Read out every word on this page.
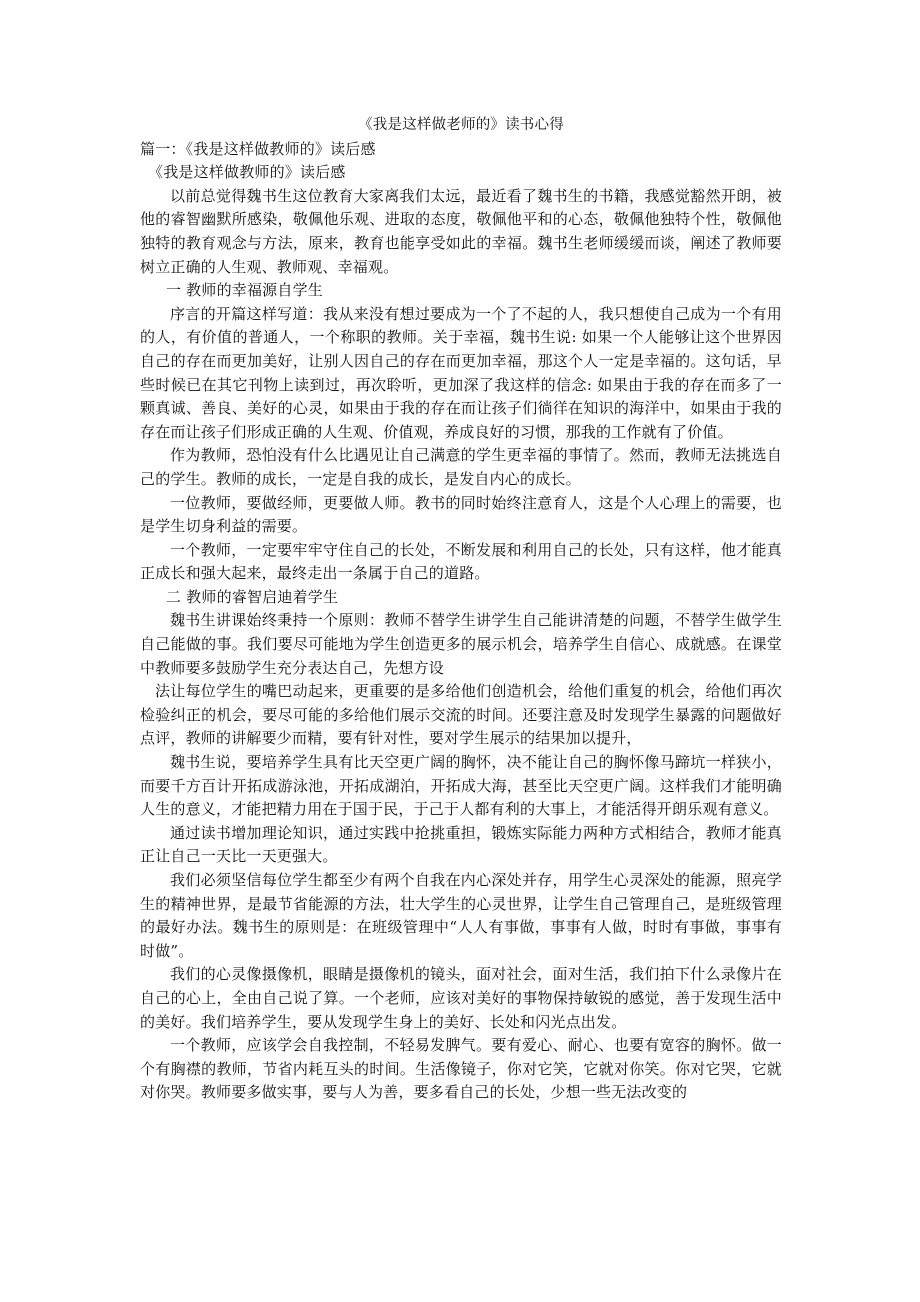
《我是这样做老师的》读书心得
篇一：《我是这样做教师的》读后感
《我是这样做教师的》读后感

以前总觉得魏书生这位教育大家离我们太远，最近看了魏书生的书籍，我感觉豁然开朗，被他的睿智幽默所感染，敬佩他乐观、进取的态度，敬佩他平和的心态，敬佩他独特个性，敬佩他独特的教育观念与方法，原来，教育也能享受如此的幸福。魏书生老师缓缓而谈，阐述了教师要树立正确的人生观、教师观、幸福观。

一 教师的幸福源自学生

序言的开篇这样写道：我从来没有想过要成为一个了不起的人，我只想使自己成为一个有用的人，有价值的普通人，一个称职的教师。关于幸福，魏书生说: 如果一个人能够让这个世界因自己的存在而更加美好，让别人因自己的存在而更加幸福，那这个人一定是幸福的。这句话，早些时候已在其它刊物上读到过，再次聆听，更加深了我这样的信念: 如果由于我的存在而多了一颗真诚、善良、美好的心灵，如果由于我的存在而让孩子们徜徉在知识的海洋中，如果由于我的存在而让孩子们形成正确的人生观、价值观，养成良好的习惯，那我的工作就有了价值。

作为教师，恐怕没有什么比遇见让自己满意的学生更幸福的事情了。然而，教师无法挑选自己的学生。教师的成长，一定是自我的成长，是发自内心的成长。

一位教师，要做经师，更要做人师。教书的同时始终注意育人，这是个人心理上的需要，也是学生切身利益的需要。

一个教师，一定要牢牢守住自己的长处，不断发展和利用自己的长处，只有这样，他才能真正成长和强大起来，最终走出一条属于自己的道路。

二 教师的睿智启迪着学生

魏书生讲课始终秉持一个原则：教师不替学生讲学生自己能讲清楚的问题，不替学生做学生自己能做的事。我们要尽可能地为学生创造更多的展示机会，培养学生自信心、成就感。在课堂中教师要多鼓励学生充分表达自己，先想方设

法让每位学生的嘴巴动起来，更重要的是多给他们创造机会，给他们重复的机会，给他们再次检验纠正的机会，要尽可能的多给他们展示交流的时间。还要注意及时发现学生暴露的问题做好点评，教师的讲解要少而精，要有针对性，要对学生展示的结果加以提升，

魏书生说，要培养学生具有比天空更广阔的胸怀，决不能让自己的胸怀像马蹄坑一样狭小，而要千方百计开拓成游泳池，开拓成湖泊，开拓成大海，甚至比天空更广阔。这样我们才能明确人生的意义，才能把精力用在于国于民，于己于人都有利的大事上，才能活得开朗乐观有意义。

通过读书增加理论知识，通过实践中抢挑重担，锻炼实际能力两种方式相结合，教师才能真正让自己一天比一天更强大。

我们必须坚信每位学生都至少有两个自我在内心深处并存，用学生心灵深处的能源，照亮学生的精神世界，是最节省能源的方法，壮大学生的心灵世界，让学生自己管理自己，是班级管理的最好办法。魏书生的原则是：在班级管理中“人人有事做，事事有人做，时时有事做，事事有时做”。

我们的心灵像摄像机，眼睛是摄像机的镜头，面对社会，面对生活，我们拍下什么录像片在自己的心上，全由自己说了算。一个老师，应该对美好的事物保持敏锐的感觉，善于发现生活中的美好。我们培养学生，要从发现学生身上的美好、长处和闪光点出发。

一个教师，应该学会自我控制，不轻易发脾气。要有爱心、耐心、也要有宽容的胸怀。做一个有胸襟的教师，节省内耗互头的时间。生活像镜子，你对它笑，它就对你笑。你对它哭，它就对你哭。教师要多做实事，要与人为善，要多看自己的长处，少想一些无法改变的
